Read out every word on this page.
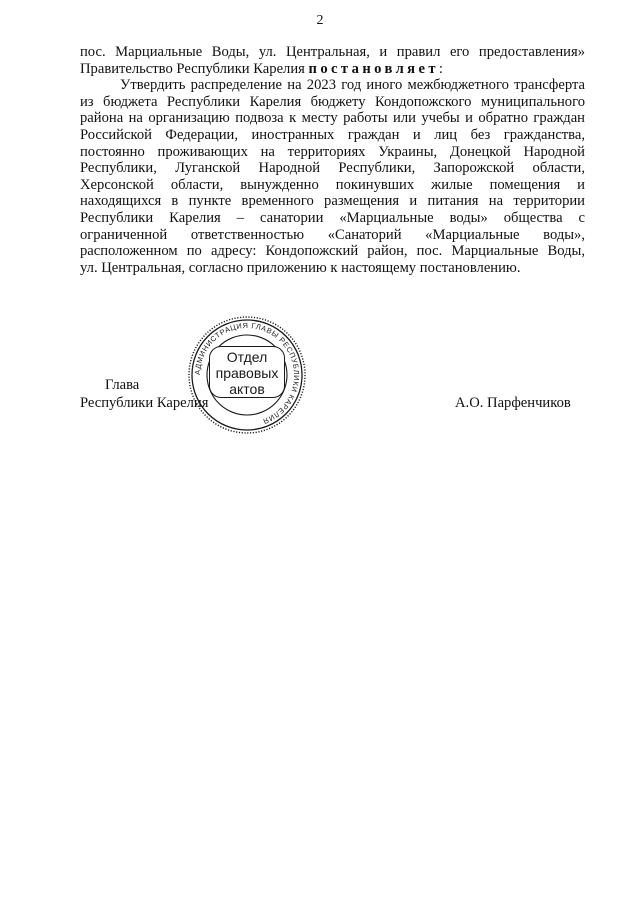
2
пос. Марциальные Воды, ул. Центральная, и правил его предоставления»
Правительство Республики Карелия постановляет:
Утвердить распределение на 2023 год иного межбюджетного трансферта
из бюджета Республики Карелия бюджету Кондопожского муниципального
района на организацию подвоза к месту работы или учебы и обратно граждан
Российской Федерации, иностранных граждан и лиц без гражданства,
постоянно проживающих на территориях Украины, Донецкой Народной
Республики, Луганской Народной Республики, Запорожской области,
Херсонской области, вынужденно покинувших жилые помещения и
находящихся в пункте временного размещения и питания на территории
Республики Карелия – санатории «Марциальные воды» общества с
ограниченной ответственностью «Санаторий «Марциальные воды»,
расположенном по адресу: Кондопожский район, пос. Марциальные Воды,
ул. Центральная, согласно приложению к настоящему постановлению.
АДМИНИСТРАЦИЯ ГЛАВЫ РЕСПУБЛИКИ КАРЕЛИЯ
Отдел
правовых
актов
Глава
Республики Карелия	А.О. Парфенчиков
